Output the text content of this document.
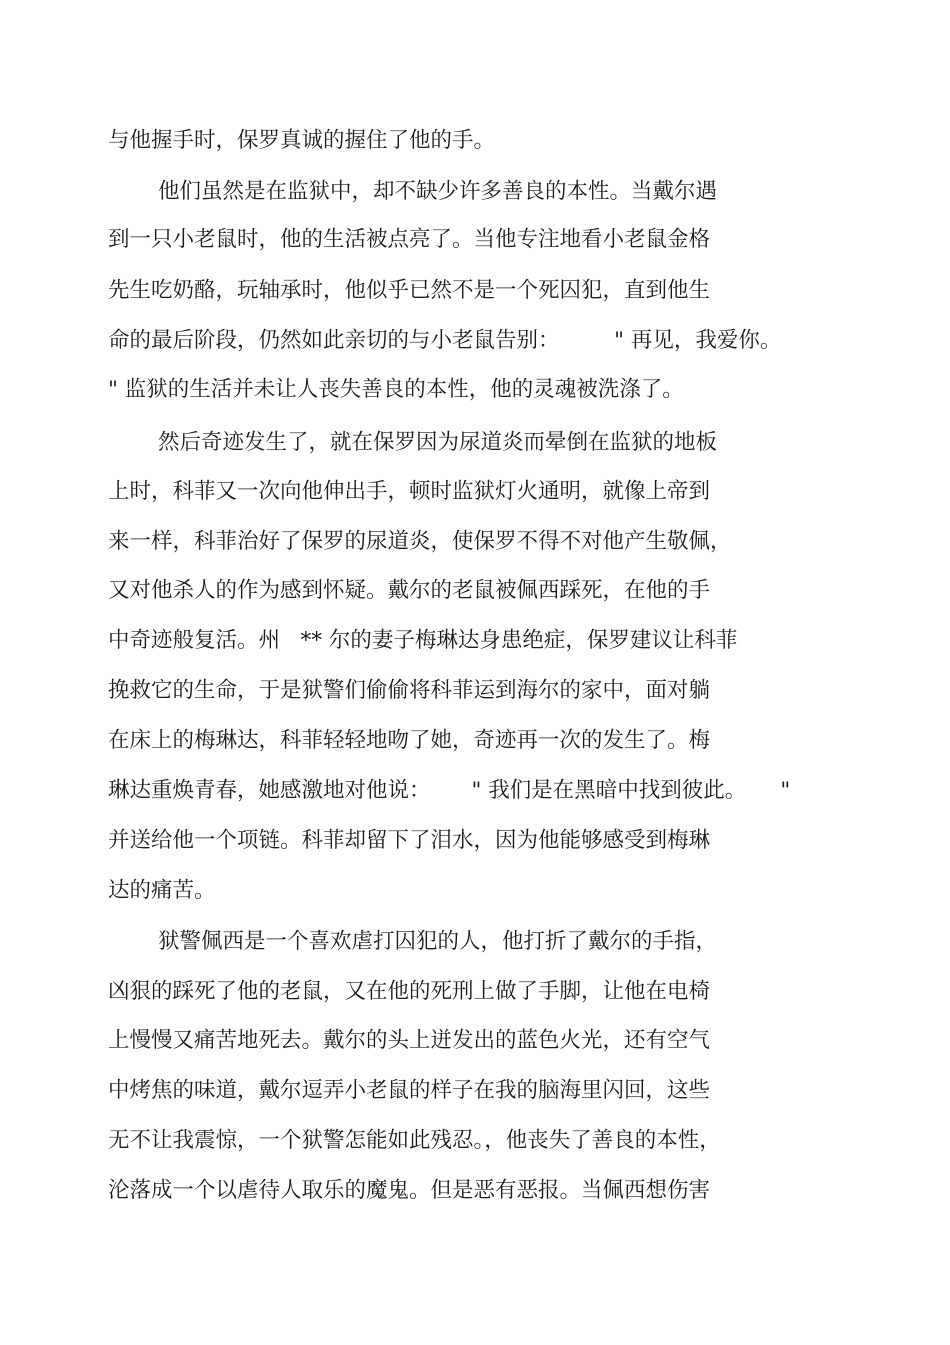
与他握手时，保罗真诚的握住了他的手。
他们虽然是在监狱中，却不缺少许多善良的本性。当戴尔遇
到一只小老鼠时，他的生活被点亮了。当他专注地看小老鼠金格
先生吃奶酪，玩轴承时，他似乎已然不是一个死囚犯，直到他生
命的最后阶段，仍然如此亲切的与小老鼠告别：        " 再见，我爱你。
" 监狱的生活并未让人丧失善良的本性，他的灵魂被洗涤了。
然后奇迹发生了，就在保罗因为尿道炎而晕倒在监狱的地板
上时，科菲又一次向他伸出手，顿时监狱灯火通明，就像上帝到
来一样，科菲治好了保罗的尿道炎，使保罗不得不对他产生敬佩，
又对他杀人的作为感到怀疑。戴尔的老鼠被佩西踩死，在他的手
中奇迹般复活。州   ** 尔的妻子梅琳达身患绝症，保罗建议让科菲
挽救它的生命，于是狱警们偷偷将科菲运到海尔的家中，面对躺
在床上的梅琳达，科菲轻轻地吻了她，奇迹再一次的发生了。梅
琳达重焕青春，她感激地对他说：      " 我们是在黑暗中找到彼此。     "
并送给他一个项链。科菲却留下了泪水，因为他能够感受到梅琳
达的痛苦。
狱警佩西是一个喜欢虐打囚犯的人，他打折了戴尔的手指，
凶狠的踩死了他的老鼠，又在他的死刑上做了手脚，让他在电椅
上慢慢又痛苦地死去。戴尔的头上迸发出的蓝色火光，还有空气
中烤焦的味道，戴尔逗弄小老鼠的样子在我的脑海里闪回，这些
无不让我震惊，一个狱警怎能如此残忍。，他丧失了善良的本性，
沦落成一个以虐待人取乐的魔鬼。但是恶有恶报。当佩西想伤害
